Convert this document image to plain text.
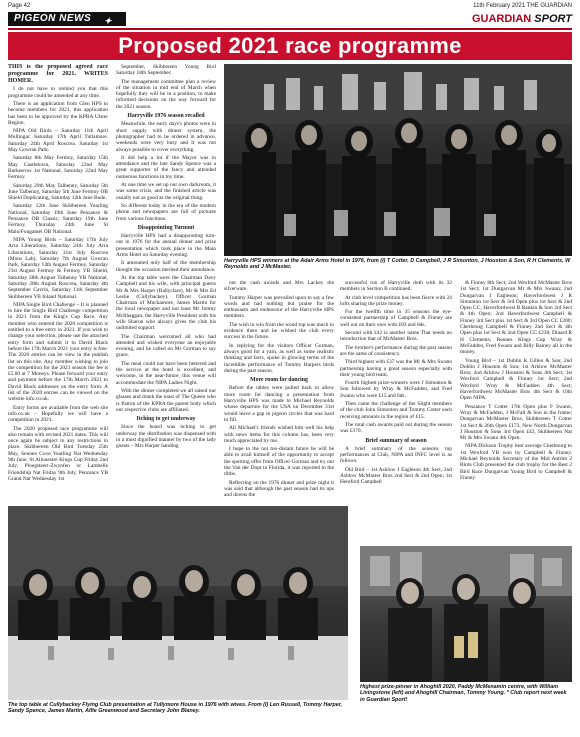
Page 42	11th February 2021 THE GUARDIAN
PIGEON NEWS ✦	GUARDIAN SPORT
Proposed 2021 race programme

THIS is the proposed agreed race programme for 2021, WRITES HOMER.

I do not have to remind you that this programme could be amended at any time.

There is an application from Glen HPS to become members for 2021, this application has been to be approved by the KPRA Ulster Region.

NIPA Old Birds – Saturday 11th April Mullingar. Saturday 17th April Tullamore. Saturday 24th April Roscrea. Saturday 1st May Gowran Park.

Saturday 8th May Fermoy, Saturday 15th May Castletown, Saturday 22nd May Burkesrow 1st National, Saturday 22nd May Fermoy.

Saturday 29th May Talbenny, Saturday 5th June Talbenny, Saturday 5th June Fermoy OB Shield Duplicating, Saturday 12th June Bude.

Saturday 12th June Skibbereen Yearling National, Saturday 19th June Penzance & Penzance OB Classic, Saturday 19th June Fermoy, Thursday 24th June St Malo/Fougamel OB National.

NIPA Young Birds – Saturday 17th July Arra Liberations, Saturday 24th July Arra Liberations, Saturday 31st July Roscrea (Mons Lab), Saturday 7th August Gowran Park, Saturday 14th August Fermoy, Saturday 21st August Fermoy & Fermoy YB Shield, Saturday 28th August Talbenny YB National, Saturday 28th August Roscrea, Saturday 4th September Cavrin, Saturday 11th September Skibbereen YB Inland National.

NIPA Single Bird Challenge – It is planned to hire the Single Bird Challenge competition in 2021 from the King's Cup Race. Any member who entered the 2020 competition is entitled to a free entry in 2021. If you wish to change your selection, please use the attached entry form and submit it to David Black before the 17th March 2021 your entry is free. The 2020 entries can be view in the publish list on this site. Any member wishing to join the competition for the 2021 season the fee is £5.00 at 7 Moneys. Please forward your entry and payment before the 17th March 2021 to David Black addresses on the entry form. A list of the 2020 entries can be viewed on the website info.co.uk.

Entry forms are available from the web site info.co.uk – Hopefully we will have a competition in 2021.

The 2020 proposed race programme will also remain with revised 2021 dates. This will once again be subject to any restrictions in place. Skibbereen Old Bird Tuesday 25th May, Sennen Cove Yearling Nat Wednesday 9th June, St Allouestre Kings Cup Friday 2nd July, Ploegsteert-Zwynfen or Lambelle Friendship Nat Friday 9th July, Penzance YB Grand Nat Wednesday 1st

September, Skibbereen Young Bird Saturday 18th September.

The management committee plan a review of the situation in mid end of March when hopefully they will be in a position, to make informed decisions on the way forward for the 2021 season.

Harryville 1976 season recalled

Meanwhile, the early days's photos were in short supply with dinner system, the photographer had to be ordered in advance, weekends were very busy and it was not always possible to cover everything.

It did help a lot if the Mayor was in attendance and the late Sandy Spence was a great supporter of the fancy and attended numerous functions in my time.

At one time we set up our own darkroom, it was some crisis, and the finished article was usually not as good as the original thing.

So different today in the era of the modern phone and newspapers are full of pictures from various functions.

Disappointing Turnout

Harryville HPS had a disappointing turn-out in 1976 for the annual dinner and prize presentation which took place in the Main Arms Hotel on Saturday evening.

It amounted only half of the membership thought the occasion merited their attendance.

At the top table were the Chairman Davy Campbell and his wife, with principal guests Mr & Mrs Harper (Ballyclare), Mr & Mrs Ed Leslie (Cullybackey). Officer Gorman Chairman of Muckamore, James Martin for the local newspaper and not least Mr Jimmy McIlhaggan, the Harryville President with his wife Sharon who always gives the club his unlimited support.

The Chairman welcomed all who had attended and wished everyone an enjoyable evening, and he called on Mr Gorman to say grace.

The meal could not have been bettered and the service at the hotel is excellent, and welcome, in the near-future, this venue will accommodate the NIPA Ladies Night.

With the dinner completed we all raised our glasses and drank the toast of The Queen who is Patron of the KPRA the parent body which our respective clubs are affiliated.

Itching to get underway

Since the board was itching to get underway the distribution was dispensed with in a most dignified manner by two of the lady guests – Mrs Harper handing

Harryville HPS winners at the Adair Arms Hotel in 1976, from (l) T Cotter, D Campbell, J R Simonton, J Houston & Son, R H Clements, W Reynolds and J McMaster.

out the cash awards and Mrs Lackey the silverware.

Tommy Harper was prevailed upon to say a few words and had nothing but praise for the enthusiasm and endeavour of the Harryville HPS members.

The wish to win from the wood top was much in evidence there and he wished the club every success in the future.

In replying for the visitors Officer Gorman, always good for a yarn, as well as some realistic thinking and facts, spoke in glowing terms of the incredible performance of Tommy Harpers birds during the past season.

More room for dancing

Before the tables were pulled back to allow more room for dancing a presentation from Harryville HPS was made to Michael Reynolds whose departure for the USA on December 31st would leave a gap in pigeon circles that was hard to fill.

All Michael's friends wished him well his help with news items for this column has, been very much appreciated by me.

I hope in the not too-distant future he will be able to avail himself of the opportunity to accept the sporting offer from Officer Gorman and try out the Van der Dopt in Florida, it was reported in the ribbs.

Reflecting on the 1976 dinner and prize night it was said that although the past season had its ups and downs the

successful run of Harryville doth with its 32 members in Section B continued.

At club level competition has been fierce with 24 lofts sharing the prize money.

For the twelfth time in 35 seasons the eye-consistent partnership of Campbell & Finney are well out on their own with £83 and 6ds.

Second with £42 is another name That needs no introduction that of McMaster Bros.

The brother's performance during the past season are the same of consistency.

Third highest with £37 was the Mr & Mrs Swann partnership having a great season especially with their young bird team.

Fourth highest prize-winners were J Simonton & Son followed by Wray & McFadden, and Fred Swann who were £15 and 6ds.

Then came the challenge of the Slight members of the club John Simonton and Tommy Cotter each receiving amounts in the region of £15.

The total cash awards paid out during the season was £370.

Brief summary of season

A brief summary of the seasons top performances at Club, NIPA and INFC level is as follows.

Old Bird – 1st Ashlow J Eagleson 4th Sect, 2nd Ashlow McMaster Bros 2nd Sect & 2nd Open; 1st Hereford Campbell

& Finney 8th Sect; 2nd Wexford McMaster Bros 1st Sect; 1st Dungarvan Mr & Mrs Swann; 2nd Dungarvan J Eagleson; Haverfordwest J R Simonton 1st Sect & 3rd Open plus 1st Sect & 2nd Open CC; Haverfordwest B Rankin & Son 3rd Sect & 4th Open; 2nd Haverfordwest Campbell & Finney 3rd Sect plus 1st Sect & 3rd Open CC £200; Cherbourg Campbell & Finney 2nd Sect & 4th Open plus 1st Sect & 2nd Open CC £230; Dinard R H Clements; Rennes Kings Cup Wray & McFadden, Fred Swann and Billy Rainey all in the money.

Young Bird – 1st Dublin K Gillen & Son; 2nd Dublin J Houston & Son; 1st Arklow McMaster Bros; 2nd Arklow J Houston & Sons 4th Sect; 1st Wexford Campbell & Finney 1st Sect; 2nd Wexford Wray & McFadden 4th Sect; Haverfordwest McMaster Bros 4th Sect & 10th Open NIPA.

Penzance T Cotter 17th Open plus F Swann, Wray & McFadden, J McFall & Son in the frame; Dungarvan McMaster Bros, Skibbereen T Cotter 1st Sect & 26th Open £173, New North Dungarvan J Houston & Sons 3rd Open £42, Skibbereen Nat Mr & Mrs Swann 4th Open.

NIPA Dickson Trophy best average Cherbourg to 1st Wexford YB won by Campbell & Finney. Michael Reynolds Secretary of the Mid Antrim 2 Birds Club presented the club trophy for the Best 2 Bird Race Dungarvan Young Bird to Campbell & Finney.

The top table at Cullybackey Flying Club presentation at Tullymore House in 1976 with wives. From (l) Len Russell, Tommy Harper, Sandy Spence, James Martin, Alfie Greenwood and Secretary John Blaney.
Highest prize-pinner in Ahoghill 2020, Paddy McMenamin centre, with William Livingstone (left) and Ahoghill Chairman, Tommy Young. * Club report next week in Guardian Sport!
